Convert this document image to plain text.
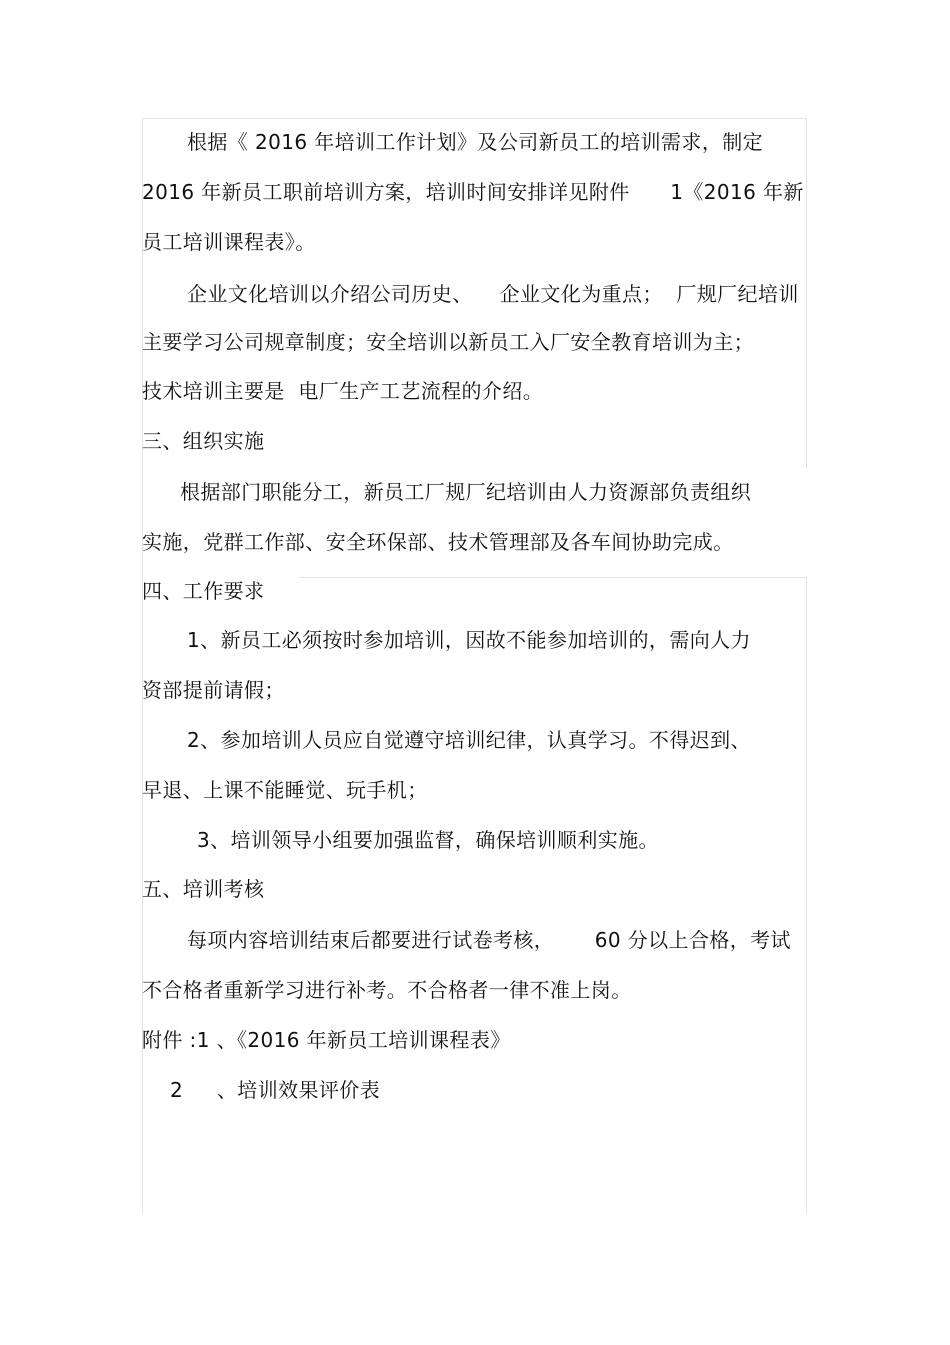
根据《 2016 年培训工作计划》及公司新员工的培训需求，制定
2016 年新员工职前培训方案，培训时间安排详见附件      1《2016 年新
员工培训课程表》。
企业文化培训以介绍公司历史、    企业文化为重点；  厂规厂纪培训
主要学习公司规章制度；安全培训以新员工入厂安全教育培训为主；
技术培训主要是  电厂生产工艺流程的介绍。
三、组织实施
根据部门职能分工，新员工厂规厂纪培训由人力资源部负责组织
实施，党群工作部、安全环保部、技术管理部及各车间协助完成。
四、工作要求
1、新员工必须按时参加培训，因故不能参加培训的，需向人力
资部提前请假；
2、参加培训人员应自觉遵守培训纪律，认真学习。不得迟到、
早退、上课不能睡觉、玩手机；
3、培训领导小组要加强监督，确保培训顺利实施。
五、培训考核
每项内容培训结束后都要进行试卷考核，      60 分以上合格，考试
不合格者重新学习进行补考。不合格者一律不准上岗。
附件 :1 、《2016 年新员工培训课程表》
2     、培训效果评价表
